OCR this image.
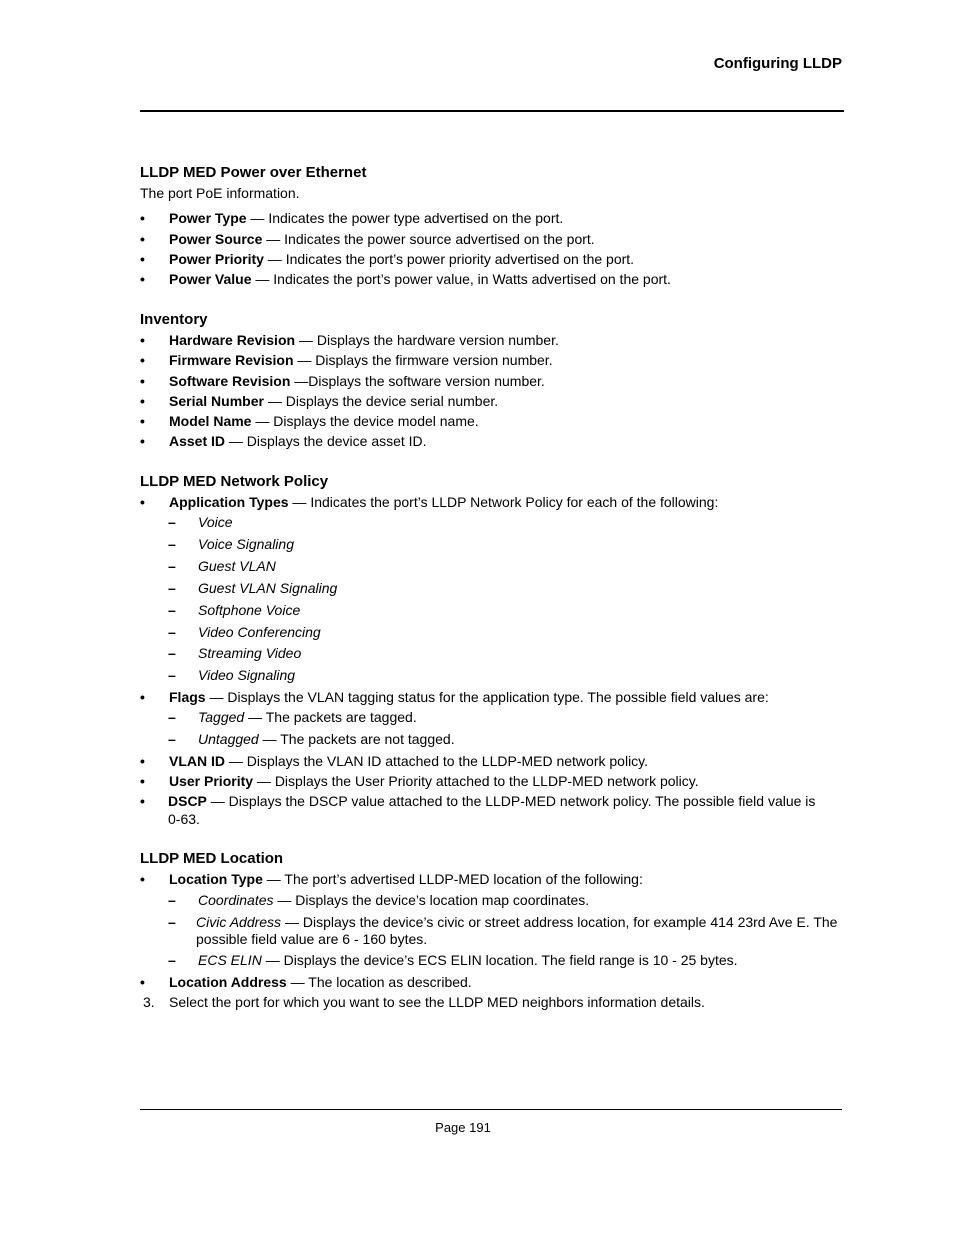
Configuring LLDP
LLDP MED Power over Ethernet
The port PoE information.
•	Power Type — Indicates the power type advertised on the port.
•	Power Source — Indicates the power source advertised on the port.
•	Power Priority — Indicates the port’s power priority advertised on the port.
•	Power Value — Indicates the port’s power value, in Watts advertised on the port.
Inventory
•	Hardware Revision — Displays the hardware version number.
•	Firmware Revision — Displays the firmware version number.
•	Software Revision —Displays the software version number.
•	Serial Number — Displays the device serial number.
•	Model Name — Displays the device model name.
•	Asset ID — Displays the device asset ID.
LLDP MED Network Policy
•	Application Types — Indicates the port’s LLDP Network Policy for each of the following:
– Voice
– Voice Signaling
– Guest VLAN
– Guest VLAN Signaling
– Softphone Voice
– Video Conferencing
– Streaming Video
– Video Signaling
•	Flags — Displays the VLAN tagging status for the application type. The possible field values are:
– Tagged — The packets are tagged.
– Untagged — The packets are not tagged.
•	VLAN ID — Displays the VLAN ID attached to the LLDP-MED network policy.
•	User Priority — Displays the User Priority attached to the LLDP-MED network policy.
•	DSCP — Displays the DSCP value attached to the LLDP-MED network policy. The possible field value is 0-63.
LLDP MED Location
•	Location Type — The port’s advertised LLDP-MED location of the following:
– Coordinates — Displays the device’s location map coordinates.
– Civic Address — Displays the device’s civic or street address location, for example 414 23rd Ave E. The possible field value are 6 - 160 bytes.
– ECS ELIN — Displays the device’s ECS ELIN location. The field range is 10 - 25 bytes.
•	Location Address — The location as described.
3. Select the port for which you want to see the LLDP MED neighbors information details.
Page 191
